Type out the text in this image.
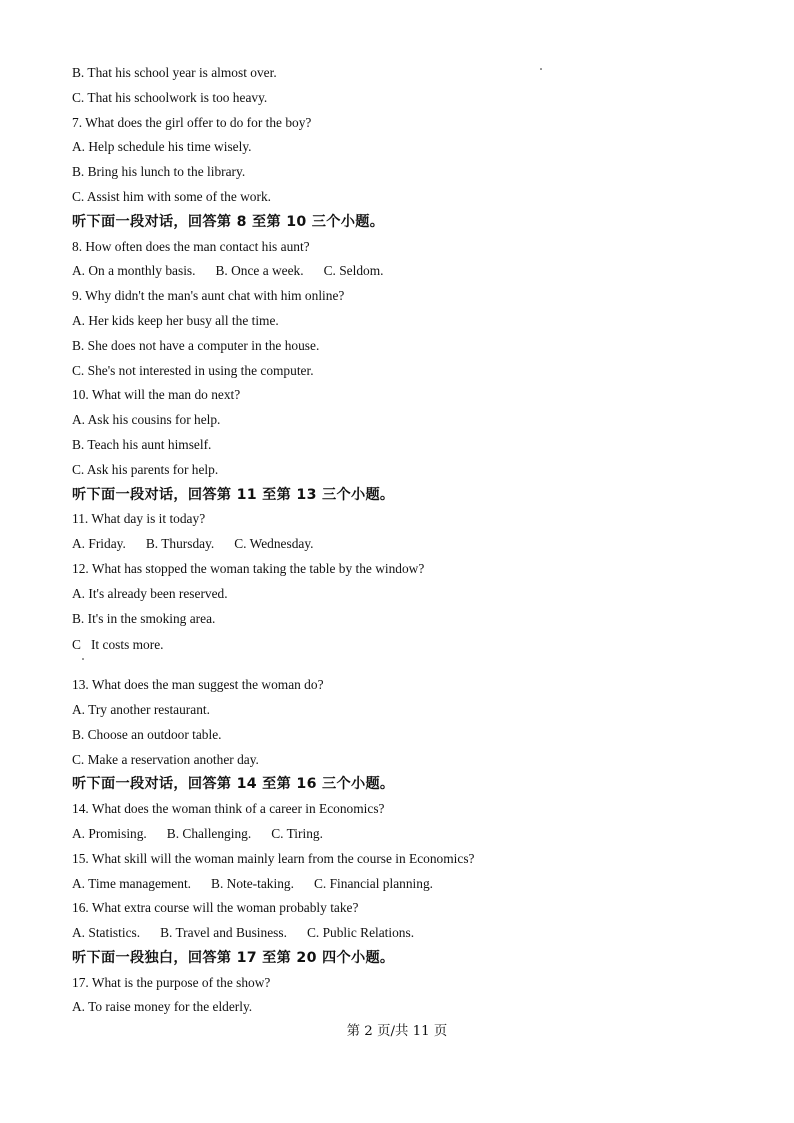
B. That his school year is almost over.
C. That his schoolwork is too heavy.
7. What does the girl offer to do for the boy?
A. Help schedule his time wisely.
B. Bring his lunch to the library.
C. Assist him with some of the work.
听下面一段对话，回答第 8 至第 10 三个小题。
8. How often does the man contact his aunt?
A. On a monthly basis. B. Once a week. C. Seldom.
9. Why didn't the man's aunt chat with him online?
A. Her kids keep her busy all the time.
B. She does not have a computer in the house.
C. She's not interested in using the computer.
10. What will the man do next?
A. Ask his cousins for help.
B. Teach his aunt himself.
C. Ask his parents for help.
听下面一段对话，回答第 11 至第 13 三个小题。
11. What day is it today?
A. Friday. B. Thursday. C. Wednesday.
12. What has stopped the woman taking the table by the window?
A. It's already been reserved.
B. It's in the smoking area.
C   It costs more.
13. What does the man suggest the woman do?
A. Try another restaurant.
B. Choose an outdoor table.
C. Make a reservation another day.
听下面一段对话，回答第 14 至第 16 三个小题。
14. What does the woman think of a career in Economics?
A. Promising. B. Challenging. C. Tiring.
15. What skill will the woman mainly learn from the course in Economics?
A. Time management. B. Note-taking. C. Financial planning.
16. What extra course will the woman probably take?
A. Statistics. B. Travel and Business. C. Public Relations.
听下面一段独白，回答第 17 至第 20 四个小题。
17. What is the purpose of the show?
A. To raise money for the elderly.
第 2 页/共 11 页
